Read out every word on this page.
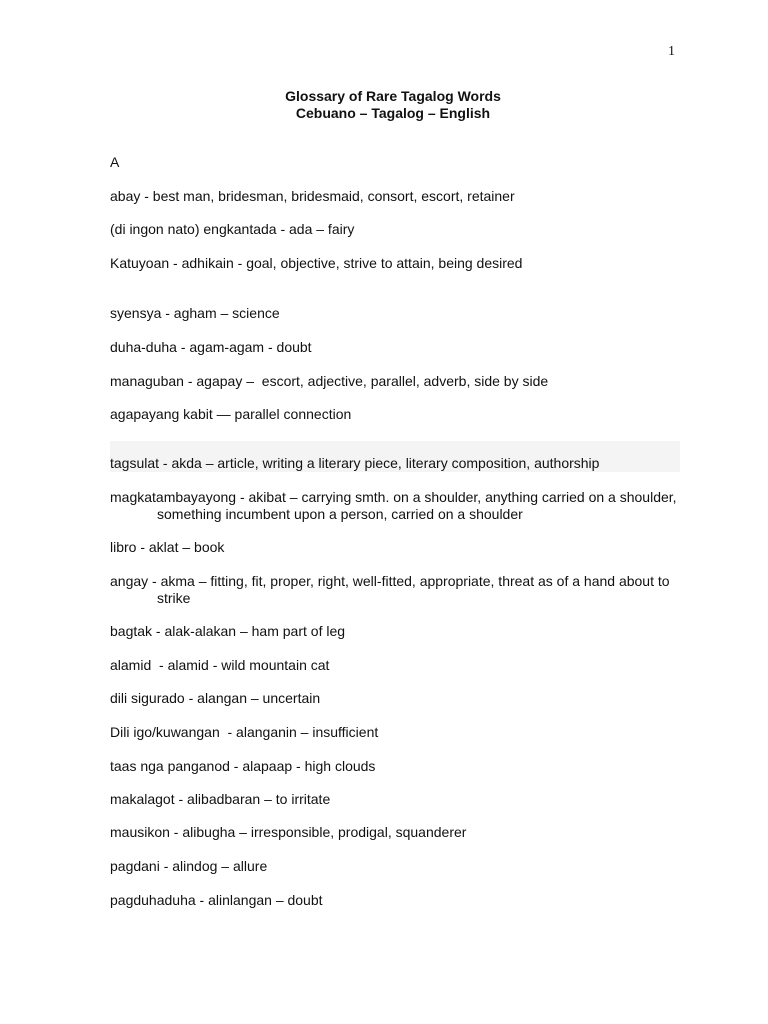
1
Glossary of Rare Tagalog Words
Cebuano – Tagalog – English
A
abay - best man, bridesman, bridesmaid, consort, escort, retainer
(di ingon nato) engkantada - ada – fairy
Katuyoan - adhikain - goal, objective, strive to attain, being desired
syensya - agham – science
duha-duha - agam-agam - doubt
managuban - agapay –  escort, adjective, parallel, adverb, side by side
agapayang kabit — parallel connection
tagsulat - akda – article, writing a literary piece, literary composition, authorship
magkatambayayong - akibat – carrying smth. on a shoulder, anything carried on a shoulder, something incumbent upon a person, carried on a shoulder
libro - aklat – book
angay - akma – fitting, fit, proper, right, well-fitted, appropriate, threat as of a hand about to strike
bagtak - alak-alakan – ham part of leg
alamid  - alamid - wild mountain cat
dili sigurado - alangan – uncertain
Dili igo/kuwangan  - alanganin – insufficient
taas nga panganod - alapaap - high clouds
makalagot - alibadbaran – to irritate
mausikon - alibugha – irresponsible, prodigal, squanderer
pagdani - alindog – allure
pagduhaduha - alinlangan – doubt
